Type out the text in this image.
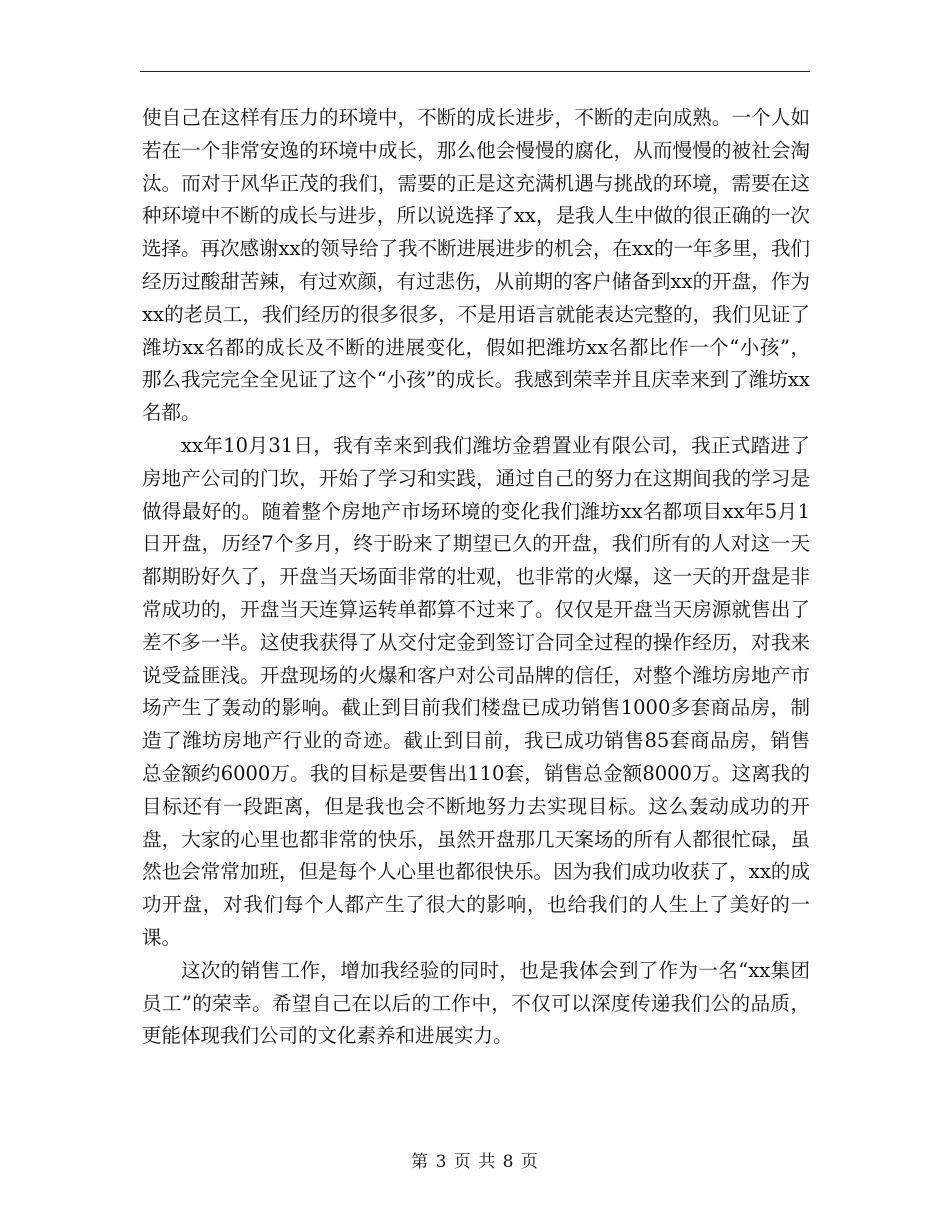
使自己在这样有压力的环境中，不断的成长进步，不断的走向成熟。一个人如若在一个非常安逸的环境中成长，那么他会慢慢的腐化，从而慢慢的被社会淘汰。而对于风华正茂的我们，需要的正是这充满机遇与挑战的环境，需要在这种环境中不断的成长与进步，所以说选择了xx，是我人生中做的很正确的一次选择。再次感谢xx的领导给了我不断进展进步的机会，在xx的一年多里，我们经历过酸甜苦辣，有过欢颜，有过悲伤，从前期的客户储备到xx的开盘，作为xx的老员工，我们经历的很多很多，不是用语言就能表达完整的，我们见证了潍坊xx名都的成长及不断的进展变化，假如把潍坊xx名都比作一个“小孩”，那么我完完全全见证了这个“小孩”的成长。我感到荣幸并且庆幸来到了潍坊xx名都。

xx年10月31日，我有幸来到我们潍坊金碧置业有限公司，我正式踏进了房地产公司的门坎，开始了学习和实践，通过自己的努力在这期间我的学习是做得最好的。随着整个房地产市场环境的变化我们潍坊xx名都项目xx年5月1日开盘，历经7个多月，终于盼来了期望已久的开盘，我们所有的人对这一天都期盼好久了，开盘当天场面非常的壮观，也非常的火爆，这一天的开盘是非常成功的，开盘当天连算运转单都算不过来了。仅仅是开盘当天房源就售出了差不多一半。这使我获得了从交付定金到签订合同全过程的操作经历，对我来说受益匪浅。开盘现场的火爆和客户对公司品牌的信任，对整个潍坊房地产市场产生了轰动的影响。截止到目前我们楼盘已成功销售1000多套商品房，制造了潍坊房地产行业的奇迹。截止到目前，我已成功销售85套商品房，销售总金额约6000万。我的目标是要售出110套，销售总金额8000万。这离我的目标还有一段距离，但是我也会不断地努力去实现目标。这么轰动成功的开盘，大家的心里也都非常的快乐，虽然开盘那几天案场的所有人都很忙碌，虽然也会常常加班，但是每个人心里也都很快乐。因为我们成功收获了，xx的成功开盘，对我们每个人都产生了很大的影响，也给我们的人生上了美好的一课。

这次的销售工作，增加我经验的同时，也是我体会到了作为一名“xx集团员工”的荣幸。希望自己在以后的工作中，不仅可以深度传递我们公的品质，更能体现我们公司的文化素养和进展实力。

第 3 页 共 8 页
